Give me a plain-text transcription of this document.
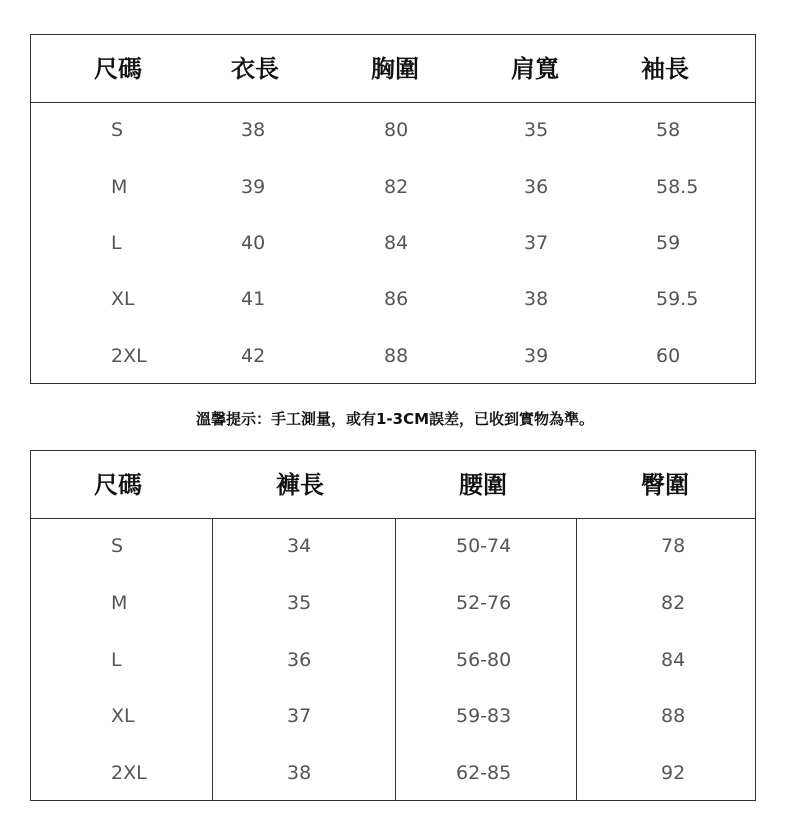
尺碼	衣長	胸圍	肩寬	袖長
S	38	80	35	58
M	39	82	36	58.5
L	40	84	37	59
XL	41	86	38	59.5
2XL	42	88	39	60
溫馨提示：手工測量，或有1-3CM誤差，已收到實物為準。
尺碼	褲長	腰圍	臀圍
S	34	50-74	78
M	35	52-76	82
L	36	56-80	84
XL	37	59-83	88
2XL	38	62-85	92
